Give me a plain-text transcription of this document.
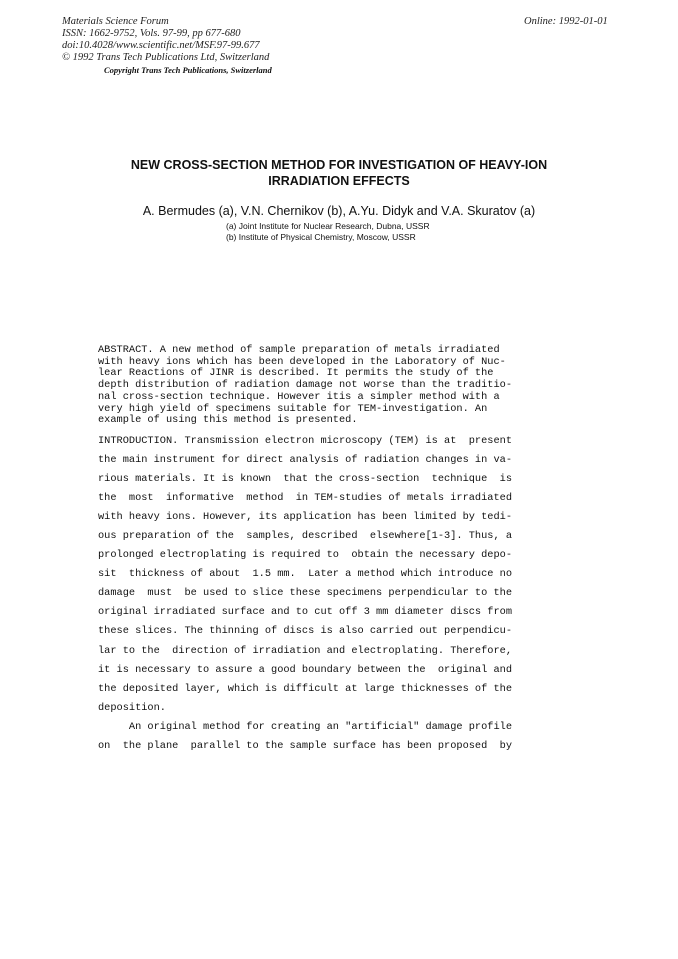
Materials Science Forum
ISSN: 1662-9752, Vols. 97-99, pp 677-680
doi:10.4028/www.scientific.net/MSF.97-99.677
© 1992 Trans Tech Publications Ltd, Switzerland
Online: 1992-01-01
Copyright Trans Tech Publications, Switzerland
NEW CROSS-SECTION METHOD FOR INVESTIGATION OF HEAVY-ION
IRRADIATION EFFECTS
A. Bermudes (a), V.N. Chernikov (b), A.Yu. Didyk and V.A. Skuratov (a)
(a) Joint Institute for Nuclear Research, Dubna, USSR
(b) Institute of Physical Chemistry, Moscow, USSR
ABSTRACT. A new method of sample preparation of metals irradiated
with heavy ions which has been developed in the Laboratory of Nuc-
lear Reactions of JINR is described. It permits the study of the
depth distribution of radiation damage not worse than the traditio-
nal cross-section technique. However itis a simpler method with a
very high yield of specimens suitable for TEM-investigation. An
example of using this method is presented.
INTRODUCTION. Transmission electron microscopy (TEM) is at  present
the main instrument for direct analysis of radiation changes in va-
rious materials. It is known  that the cross-section  technique  is
the  most  informative  method  in TEM-studies of metals irradiated
with heavy ions. However, its application has been limited by tedi-
ous preparation of the  samples, described  elsewhere[1-3]. Thus, a
prolonged electroplating is required to  obtain the necessary depo-
sit  thickness of about  1.5 mm.  Later a method which introduce no
damage  must  be used to slice these specimens perpendicular to the
original irradiated surface and to cut off 3 mm diameter discs from
these slices. The thinning of discs is also carried out perpendicu-
lar to the  direction of irradiation and electroplating. Therefore,
it is necessary to assure a good boundary between the  original and
the deposited layer, which is difficult at large thicknesses of the
deposition.
An original method for creating an "artificial" damage profile
on  the plane  parallel to the sample surface has been proposed  by
